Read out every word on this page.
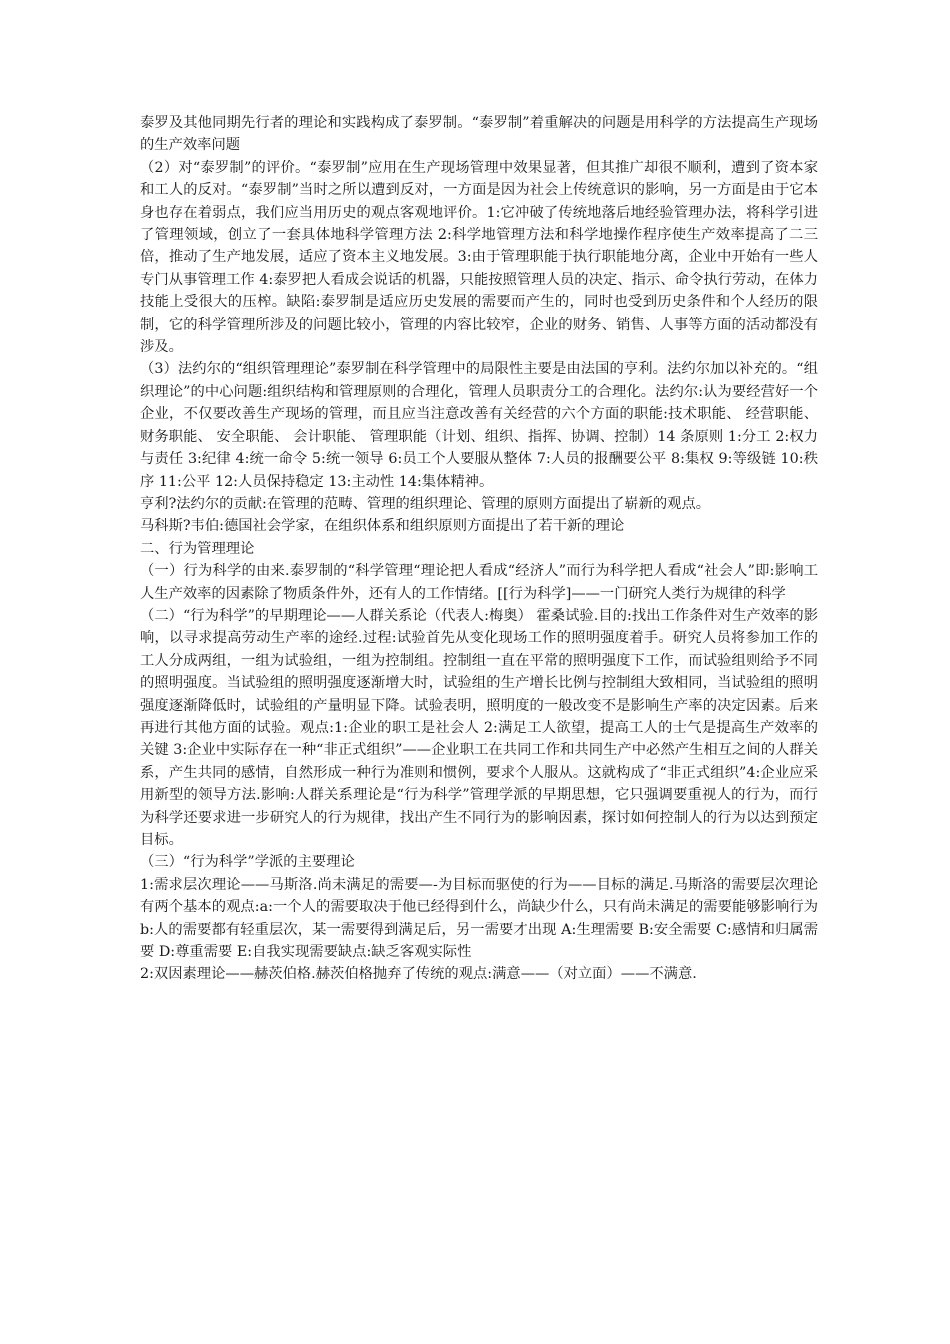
泰罗及其他同期先行者的理论和实践构成了泰罗制。“泰罗制”着重解决的问题是用科学的方法提高生产现场的生产效率问题

（2）对“泰罗制”的评价。“泰罗制”应用在生产现场管理中效果显著，但其推广却很不顺利，遭到了资本家和工人的反对。“泰罗制”当时之所以遭到反对，一方面是因为社会上传统意识的影响，另一方面是由于它本身也存在着弱点，我们应当用历史的观点客观地评价。1:它冲破了传统地落后地经验管理办法，将科学引进了管理领域，创立了一套具体地科学管理方法 2:科学地管理方法和科学地操作程序使生产效率提高了二三倍，推动了生产地发展，适应了资本主义地发展。3:由于管理职能于执行职能地分离，企业中开始有一些人专门从事管理工作 4:泰罗把人看成会说话的机器，只能按照管理人员的决定、指示、命令执行劳动，在体力技能上受很大的压榨。缺陷:泰罗制是适应历史发展的需要而产生的，同时也受到历史条件和个人经历的限制，它的科学管理所涉及的问题比较小，管理的内容比较窄，企业的财务、销售、人事等方面的活动都没有涉及。

（3）法约尔的“组织管理理论”泰罗制在科学管理中的局限性主要是由法国的亨利。法约尔加以补充的。“组织理论”的中心问题:组织结构和管理原则的合理化，管理人员职责分工的合理化。法约尔:认为要经营好一个企业，不仅要改善生产现场的管理，而且应当注意改善有关经营的六个方面的职能:技术职能、 经营职能、 财务职能、 安全职能、 会计职能、 管理职能（计划、组织、指挥、协调、控制）14 条原则 1:分工 2:权力与责任 3:纪律 4:统一命令 5:统一领导 6:员工个人要服从整体 7:人员的报酬要公平 8:集权 9:等级链 10:秩序 11:公平 12:人员保持稳定 13:主动性 14:集体精神。

亨利?法约尔的贡献:在管理的范畴、管理的组织理论、管理的原则方面提出了崭新的观点。

马科斯?韦伯:德国社会学家，在组织体系和组织原则方面提出了若干新的理论

二、行为管理理论

（一）行为科学的由来.泰罗制的“科学管理“理论把人看成“经济人”而行为科学把人看成“社会人”即:影响工人生产效率的因素除了物质条件外，还有人的工作情绪。[[行为科学]——一门研究人类行为规律的科学

（二）“行为科学”的早期理论——人群关系论（代表人:梅奥） 霍桑试验.目的:找出工作条件对生产效率的影响，以寻求提高劳动生产率的途经.过程:试验首先从变化现场工作的照明强度着手。研究人员将参加工作的工人分成两组，一组为试验组，一组为控制组。控制组一直在平常的照明强度下工作，而试验组则给予不同的照明强度。当试验组的照明强度逐渐增大时，试验组的生产增长比例与控制组大致相同，当试验组的照明强度逐渐降低时，试验组的产量明显下降。试验表明，照明度的一般改变不是影响生产率的决定因素。后来再进行其他方面的试验。观点:1:企业的职工是社会人 2:满足工人欲望，提高工人的士气是提高生产效率的关键 3:企业中实际存在一种“非正式组织”——企业职工在共同工作和共同生产中必然产生相互之间的人群关系，产生共同的感情，自然形成一种行为准则和惯例，要求个人服从。这就构成了“非正式组织”4:企业应采用新型的领导方法.影响:人群关系理论是“行为科学”管理学派的早期思想，它只强调要重视人的行为，而行为科学还要求进一步研究人的行为规律，找出产生不同行为的影响因素，探讨如何控制人的行为以达到预定目标。

（三）“行为科学”学派的主要理论

1:需求层次理论——马斯洛.尚未满足的需要—-为目标而驱使的行为——目标的满足.马斯洛的需要层次理论有两个基本的观点:a:一个人的需要取决于他已经得到什么，尚缺少什么，只有尚未满足的需要能够影响行为 b:人的需要都有轻重层次，某一需要得到满足后，另一需要才出现 A:生理需要 B:安全需要 C:感情和归属需要 D:尊重需要 E:自我实现需要缺点:缺乏客观实际性

2:双因素理论——赫茨伯格.赫茨伯格抛弃了传统的观点:满意——（对立面）——不满意.
